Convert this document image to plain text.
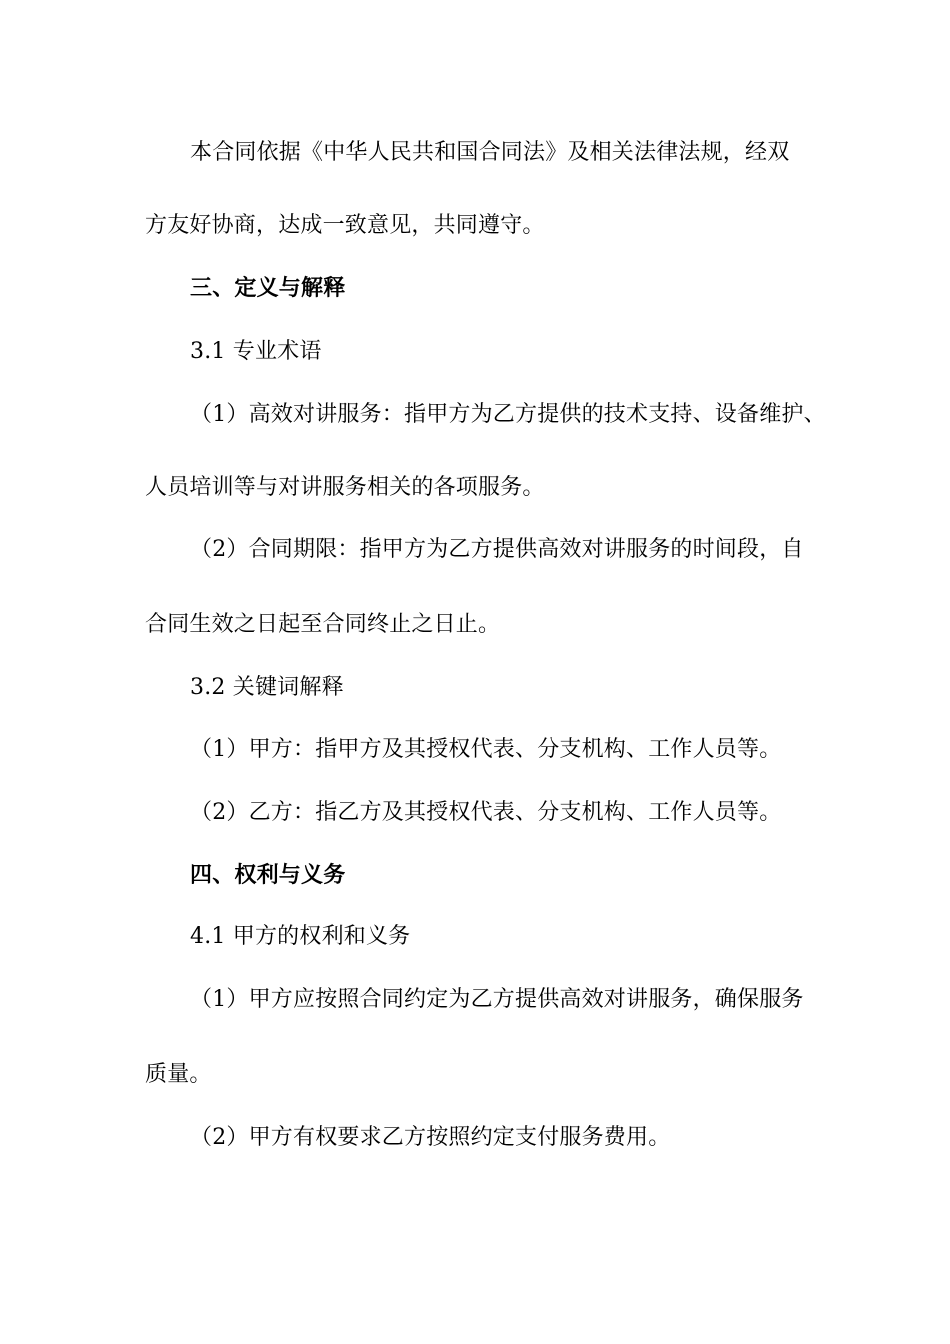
本合同依据《中华人民共和国合同法》及相关法律法规，经双
方友好协商，达成一致意见，共同遵守。
三、定义与解释
3.1 专业术语
（1）高效对讲服务：指甲方为乙方提供的技术支持、设备维护、
人员培训等与对讲服务相关的各项服务。
（2）合同期限：指甲方为乙方提供高效对讲服务的时间段，自
合同生效之日起至合同终止之日止。
3.2 关键词解释
（1）甲方：指甲方及其授权代表、分支机构、工作人员等。
（2）乙方：指乙方及其授权代表、分支机构、工作人员等。
四、权利与义务
4.1 甲方的权利和义务
（1）甲方应按照合同约定为乙方提供高效对讲服务，确保服务
质量。
（2）甲方有权要求乙方按照约定支付服务费用。
